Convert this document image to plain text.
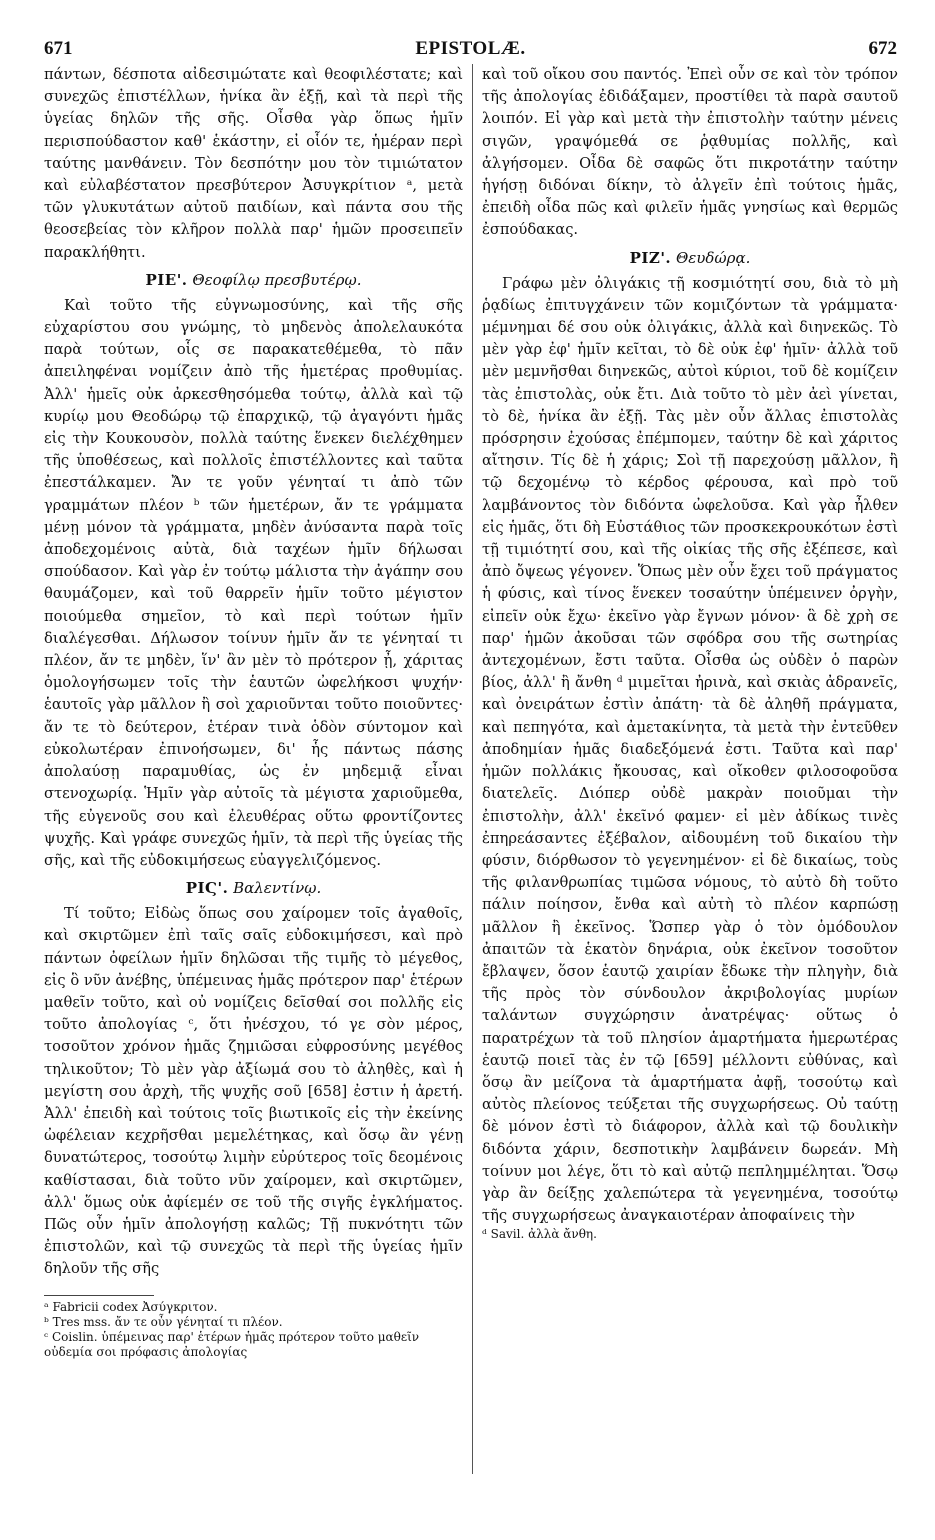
671	EPISTOLÆ.	672

πάντων, δέσποτα αἰδεσιμώτατε καὶ θεοφιλέστατε; καὶ συνεχῶς ἐπιστέλλων, ἡνίκα ἂν ἐξῇ, καὶ τὰ περὶ τῆς ὑγείας δηλῶν τῆς σῆς. Οἶσθα γὰρ ὅπως ἡμῖν περισπούδαστον καθ' ἑκάστην, εἰ οἷόν τε, ἡμέραν περὶ ταύτης μανθάνειν. Τὸν δεσπότην μου τὸν τιμιώτατον καὶ εὐλαβέστατον πρεσβύτερον Ἀσυγκρίτιον ᵃ, μετὰ τῶν γλυκυτάτων αὐτοῦ παιδίων, καὶ πάντα σου τῆς θεοσεβείας τὸν κλῆρον πολλὰ παρ' ἡμῶν προσειπεῖν παρακλήθητι.

ΡΙΕ'. Θεοφίλῳ πρεσβυτέρῳ.

Καὶ τοῦτο τῆς εὐγνωμοσύνης, καὶ τῆς σῆς εὐχαρίστου σου γνώμης, τὸ μηδενὸς ἀπολελαυκότα παρὰ τούτων, οἷς σε παρακατεθέμεθα, τὸ πᾶν ἀπειληφέναι νομίζειν ἀπὸ τῆς ἡμετέρας προθυμίας. Ἀλλ' ἡμεῖς οὐκ ἀρκεσθησόμεθα τούτῳ, ἀλλὰ καὶ τῷ κυρίῳ μου Θεοδώρῳ τῷ ἐπαρχικῷ, τῷ ἀγαγόντι ἡμᾶς εἰς τὴν Κουκουσὸν, πολλὰ ταύτης ἕνεκεν διελέχθημεν τῆς ὑποθέσεως, καὶ πολλοῖς ἐπιστέλλοντες καὶ ταῦτα ἐπεστάλκαμεν. Ἄν τε γοῦν γένηταί τι ἀπὸ τῶν γραμμάτων πλέον ᵇ τῶν ἡμετέρων, ἄν τε γράμματα μένῃ μόνον τὰ γράμματα, μηδὲν ἀνύσαντα παρὰ τοῖς ἀποδεχομένοις αὐτὰ, διὰ ταχέων ἡμῖν δήλωσαι σπούδασον. Καὶ γὰρ ἐν τούτῳ μάλιστα τὴν ἀγάπην σου θαυμάζομεν, καὶ τοῦ θαρρεῖν ἡμῖν τοῦτο μέγιστον ποιούμεθα σημεῖον, τὸ καὶ περὶ τούτων ἡμῖν διαλέγεσθαι. Δήλωσον τοίνυν ἡμῖν ἄν τε γένηταί τι πλέον, ἄν τε μηδὲν, ἵν' ἂν μὲν τὸ πρότερον ᾖ, χάριτας ὁμολογήσωμεν τοῖς τὴν ἑαυτῶν ὠφελήκοσι ψυχήν· ἑαυτοῖς γὰρ μᾶλλον ἢ σοὶ χαριοῦνται τοῦτο ποιοῦντες· ἄν τε τὸ δεύτερον, ἑτέραν τινὰ ὁδὸν σύντομον καὶ εὐκολωτέραν ἐπινοήσωμεν, δι' ἧς πάντως πάσης ἀπολαύσῃ παραμυθίας, ὡς ἐν μηδεμιᾷ εἶναι στενοχωρίᾳ. Ἡμῖν γὰρ αὐτοῖς τὰ μέγιστα χαριοῦμεθα, τῆς εὐγενοῦς σου καὶ ἐλευθέρας οὕτω φροντίζοντες ψυχῆς. Καὶ γράφε συνεχῶς ἡμῖν, τὰ περὶ τῆς ὑγείας τῆς σῆς, καὶ τῆς εὐδοκιμήσεως εὐαγγελιζόμενος.

ΡΙϚ'. Βαλεντίνῳ.

Τί τοῦτο; Εἰδὼς ὅπως σου χαίρομεν τοῖς ἀγαθοῖς, καὶ σκιρτῶμεν ἐπὶ ταῖς σαῖς εὐδοκιμήσεσι, καὶ πρὸ πάντων ὀφείλων ἡμῖν δηλῶσαι τῆς τιμῆς τὸ μέγεθος, εἰς ὃ νῦν ἀνέβης, ὑπέμεινας ἡμᾶς πρότερον παρ' ἑτέρων μαθεῖν τοῦτο, καὶ οὐ νομίζεις δεῖσθαί σοι πολλῆς εἰς τοῦτο ἀπολογίας ᶜ, ὅτι ἠνέσχου, τό γε σὸν μέρος, τοσοῦτον χρόνον ἡμᾶς ζημιῶσαι εὐφροσύνης μεγέθος τηλικοῦτον; Τὸ μὲν γὰρ ἀξίωμά σου τὸ ἀληθὲς, καὶ ἡ μεγίστη σου ἀρχὴ, τῆς ψυχῆς σοῦ [658] ἐστιν ἡ ἀρετή. Ἀλλ' ἐπειδὴ καὶ τούτοις τοῖς βιωτικοῖς εἰς τὴν ἐκείνης ὠφέλειαν κεχρῆσθαι μεμελέτηκας, καὶ ὅσῳ ἂν γένῃ δυνατώτερος, τοσούτῳ λιμὴν εὐρύτερος τοῖς δεομένοις καθίστασαι, διὰ τοῦτο νῦν χαίρομεν, καὶ σκιρτῶμεν, ἀλλ' ὅμως οὐκ ἀφίεμέν σε τοῦ τῆς σιγῆς ἐγκλήματος. Πῶς οὖν ἡμῖν ἀπολογήσῃ καλῶς; Τῇ πυκνότητι τῶν ἐπιστολῶν, καὶ τῷ συνεχῶς τὰ περὶ τῆς ὑγείας ἡμῖν δηλοῦν τῆς σῆς

ᵃ Fabricii codex Ἀσύγκριτον.

ᵇ Tres mss. ἄν τε οὖν γένηταί τι πλέον.

ᶜ Coislin. ὑπέμεινας παρ' ἑτέρων ἡμᾶς πρότερον τοῦτο μαθεῖν οὐδεμία σοι πρόφασις ἀπολογίας

καὶ τοῦ οἴκου σου παντός. Ἐπεὶ οὖν σε καὶ τὸν τρόπον τῆς ἀπολογίας ἐδιδάξαμεν, προστίθει τὰ παρὰ σαυτοῦ λοιπόν. Εἰ γὰρ καὶ μετὰ τὴν ἐπιστολὴν ταύτην μένεις σιγῶν, γραψόμεθά σε ῥᾳθυμίας πολλῆς, καὶ ἀλγήσομεν. Οἶδα δὲ σαφῶς ὅτι πικροτάτην ταύτην ἡγήσῃ διδόναι δίκην, τὸ ἀλγεῖν ἐπὶ τούτοις ἡμᾶς, ἐπειδὴ οἶδα πῶς καὶ φιλεῖν ἡμᾶς γνησίως καὶ θερμῶς ἐσπούδακας.

ΡΙΖ'. Θευδώρᾳ.

Γράφω μὲν ὀλιγάκις τῇ κοσμιότητί σου, διὰ τὸ μὴ ῥᾳδίως ἐπιτυγχάνειν τῶν κομιζόντων τὰ γράμματα· μέμνημαι δέ σου οὐκ ὀλιγάκις, ἀλλὰ καὶ διηνεκῶς. Τὸ μὲν γὰρ ἐφ' ἡμῖν κεῖται, τὸ δὲ οὐκ ἐφ' ἡμῖν· ἀλλὰ τοῦ μὲν μεμνῆσθαι διηνεκῶς, αὐτοὶ κύριοι, τοῦ δὲ κομίζειν τὰς ἐπιστολὰς, οὐκ ἔτι. Διὰ τοῦτο τὸ μὲν ἀεὶ γίνεται, τὸ δὲ, ἡνίκα ἂν ἐξῇ. Τὰς μὲν οὖν ἄλλας ἐπιστολὰς πρόσρησιν ἐχούσας ἐπέμπομεν, ταύτην δὲ καὶ χάριτος αἴτησιν. Τίς δὲ ἡ χάρις; Σοὶ τῇ παρεχούσῃ μᾶλλον, ἢ τῷ δεχομένῳ τὸ κέρδος φέρουσα, καὶ πρὸ τοῦ λαμβάνοντος τὸν διδόντα ὠφελοῦσα. Καὶ γὰρ ἦλθεν εἰς ἡμᾶς, ὅτι δὴ Εὐστάθιος τῶν προσκεκρουκότων ἐστὶ τῇ τιμιότητί σου, καὶ τῆς οἰκίας τῆς σῆς ἐξέπεσε, καὶ ἀπὸ ὄψεως γέγονεν. Ὅπως μὲν οὖν ἔχει τοῦ πράγματος ἡ φύσις, καὶ τίνος ἕνεκεν τοσαύτην ὑπέμεινεν ὀργὴν, εἰπεῖν οὐκ ἔχω· ἐκεῖνο γὰρ ἔγνων μόνον· ἃ δὲ χρὴ σε παρ' ἡμῶν ἀκοῦσαι τῶν σφόδρα σου τῆς σωτηρίας ἀντεχομένων, ἔστι ταῦτα. Οἶσθα ὡς οὐδὲν ὁ παρὼν βίος, ἀλλ' ἢ ἄνθη ᵈ μιμεῖται ἠρινὰ, καὶ σκιὰς ἀδρανεῖς, καὶ ὀνειράτων ἐστὶν ἀπάτη· τὰ δὲ ἀληθῆ πράγματα, καὶ πεπηγότα, καὶ ἀμετακίνητα, τὰ μετὰ τὴν ἐντεῦθεν ἀποδημίαν ἡμᾶς διαδεξόμενά ἐστι. Ταῦτα καὶ παρ' ἡμῶν πολλάκις ἤκουσας, καὶ οἴκοθεν φιλοσοφοῦσα διατελεῖς. Διόπερ οὐδὲ μακρὰν ποιοῦμαι τὴν ἐπιστολὴν, ἀλλ' ἐκεῖνό φαμεν· εἰ μὲν ἀδίκως τινὲς ἐπηρεάσαντες ἐξέβαλον, αἰδουμένη τοῦ δικαίου τὴν φύσιν, διόρθωσον τὸ γεγενημένον· εἰ δὲ δικαίως, τοὺς τῆς φιλανθρωπίας τιμῶσα νόμους, τὸ αὐτὸ δὴ τοῦτο πάλιν ποίησον, ἔνθα καὶ αὐτὴ τὸ πλέον καρπώσῃ μᾶλλον ἢ ἐκεῖνος. Ὥσπερ γὰρ ὁ τὸν ὁμόδουλον ἀπαιτῶν τὰ ἑκατὸν δηνάρια, οὐκ ἐκεῖνον τοσοῦτον ἔβλαψεν, ὅσον ἑαυτῷ χαιρίαν ἔδωκε τὴν πληγὴν, διὰ τῆς πρὸς τὸν σύνδουλον ἀκριβολογίας μυρίων ταλάντων συγχώρησιν ἀνατρέψας· οὕτως ὁ παρατρέχων τὰ τοῦ πλησίον ἁμαρτήματα ἡμερωτέρας ἑαυτῷ ποιεῖ τὰς ἐν τῷ [659] μέλλοντι εὐθύνας, καὶ ὅσῳ ἂν μείζονα τὰ ἁμαρτήματα ἀφῇ, τοσούτῳ καὶ αὐτὸς πλείονος τεύξεται τῆς συγχωρήσεως. Οὐ ταύτῃ δὲ μόνον ἐστὶ τὸ διάφορον, ἀλλὰ καὶ τῷ δουλικὴν διδόντα χάριν, δεσποτικὴν λαμβάνειν δωρεάν. Μὴ τοίνυν μοι λέγε, ὅτι τὸ καὶ αὐτῷ πεπλημμέληται. Ὅσῳ γὰρ ἂν δείξῃς χαλεπώτερα τὰ γεγενημένα, τοσούτῳ τῆς συγχωρήσεως ἀναγκαιοτέραν ἀποφαίνεις τὴν

ᵈ Savil. ἀλλὰ ἄνθη.
